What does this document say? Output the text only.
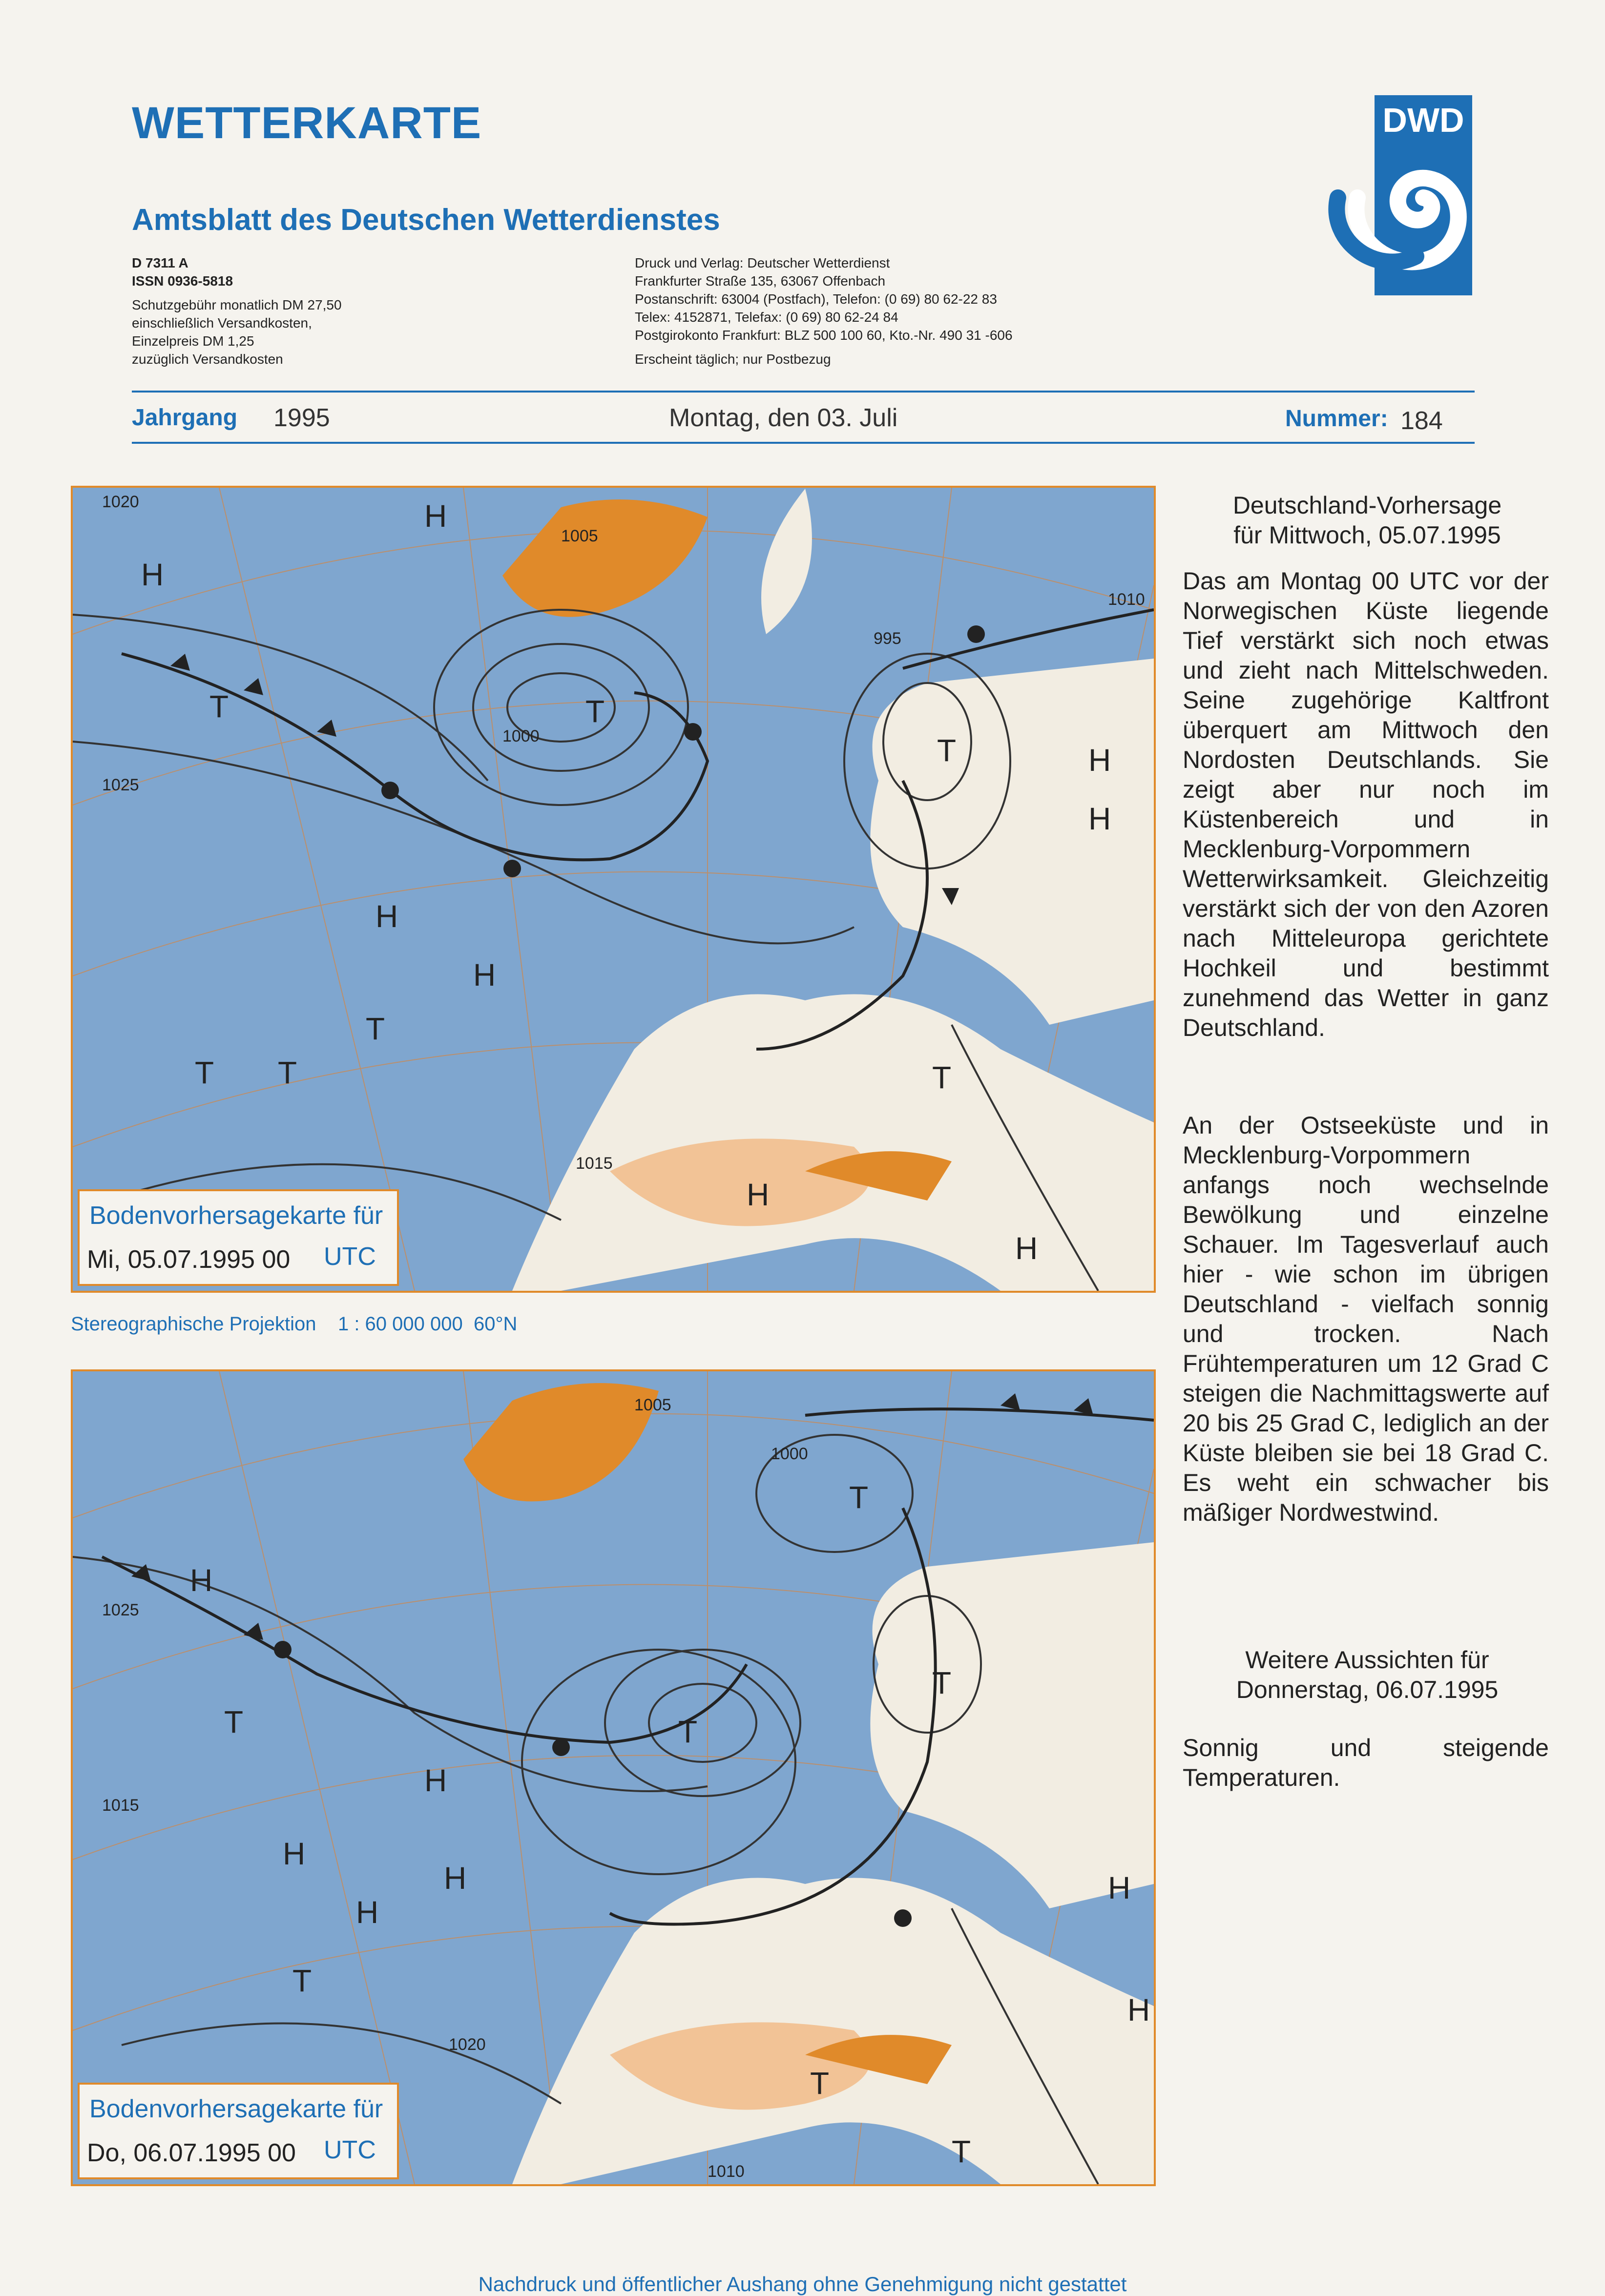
WETTERKARTE
Amtsblatt des Deutschen Wetterdienstes
D 7311 A
ISSN 0936-5818
Schutzgebühr monatlich DM 27,50
einschließlich Versandkosten,
Einzelpreis DM 1,25
zuzüglich Versandkosten
Druck und Verlag: Deutscher Wetterdienst
Frankfurter Straße 135, 63067 Offenbach
Postanschrift: 63004 (Postfach), Telefon: (0 69) 80 62-22 83
Telex: 4152871, Telefax: (0 69) 80 62-24 84
Postgirokonto Frankfurt: BLZ 500 100 60, Kto.-Nr. 490 31 -606
Erscheint täglich; nur Postbezug
DWD
Jahrgang 1995	Montag, den 03. Juli	Nummer: 184
H
H
H
H
T T
T
T
T	H
H
T
H
H
T
1020
1005
1010
995
1000
1025
1015
Bodenvorhersagekarte für
Mi, 05.07.1995 00 UTC
Stereographische Projektion    1 : 60 000 000  60°N
H
T
H
H
H
H
T
T
T
T
H
T
T
H
1005
1000
1025
1010
1020
1015
Bodenvorhersagekarte für
Do, 06.07.1995 00 UTC
Deutschland-Vorhersage
für Mittwoch, 05.07.1995
Das am Montag 00 UTC vor der Norwegischen Küste liegende Tief verstärkt sich noch etwas und zieht nach Mittelschweden. Seine zugehörige Kaltfront überquert am Mittwoch den Nordosten Deutschlands. Sie zeigt aber nur noch im Küstenbereich und in Mecklenburg-Vorpommern Wetterwirksamkeit. Gleichzeitig verstärkt sich der von den Azoren nach Mitteleuropa gerichtete Hochkeil und bestimmt zunehmend das Wetter in ganz Deutschland.
An der Ostseeküste und in Mecklenburg-Vorpommern anfangs noch wechselnde Bewölkung und einzelne Schauer. Im Tagesverlauf auch hier - wie schon im übrigen Deutschland - vielfach sonnig und trocken. Nach Frühtemperaturen um 12 Grad C steigen die Nachmittagswerte auf 20 bis 25 Grad C, lediglich an der Küste bleiben sie bei 18 Grad C. Es weht ein schwacher bis mäßiger Nordwestwind.
Weitere Aussichten für
Donnerstag, 06.07.1995
Sonnig und steigende Temperaturen.
Nachdruck und öffentlicher Aushang ohne Genehmigung nicht gestattet
